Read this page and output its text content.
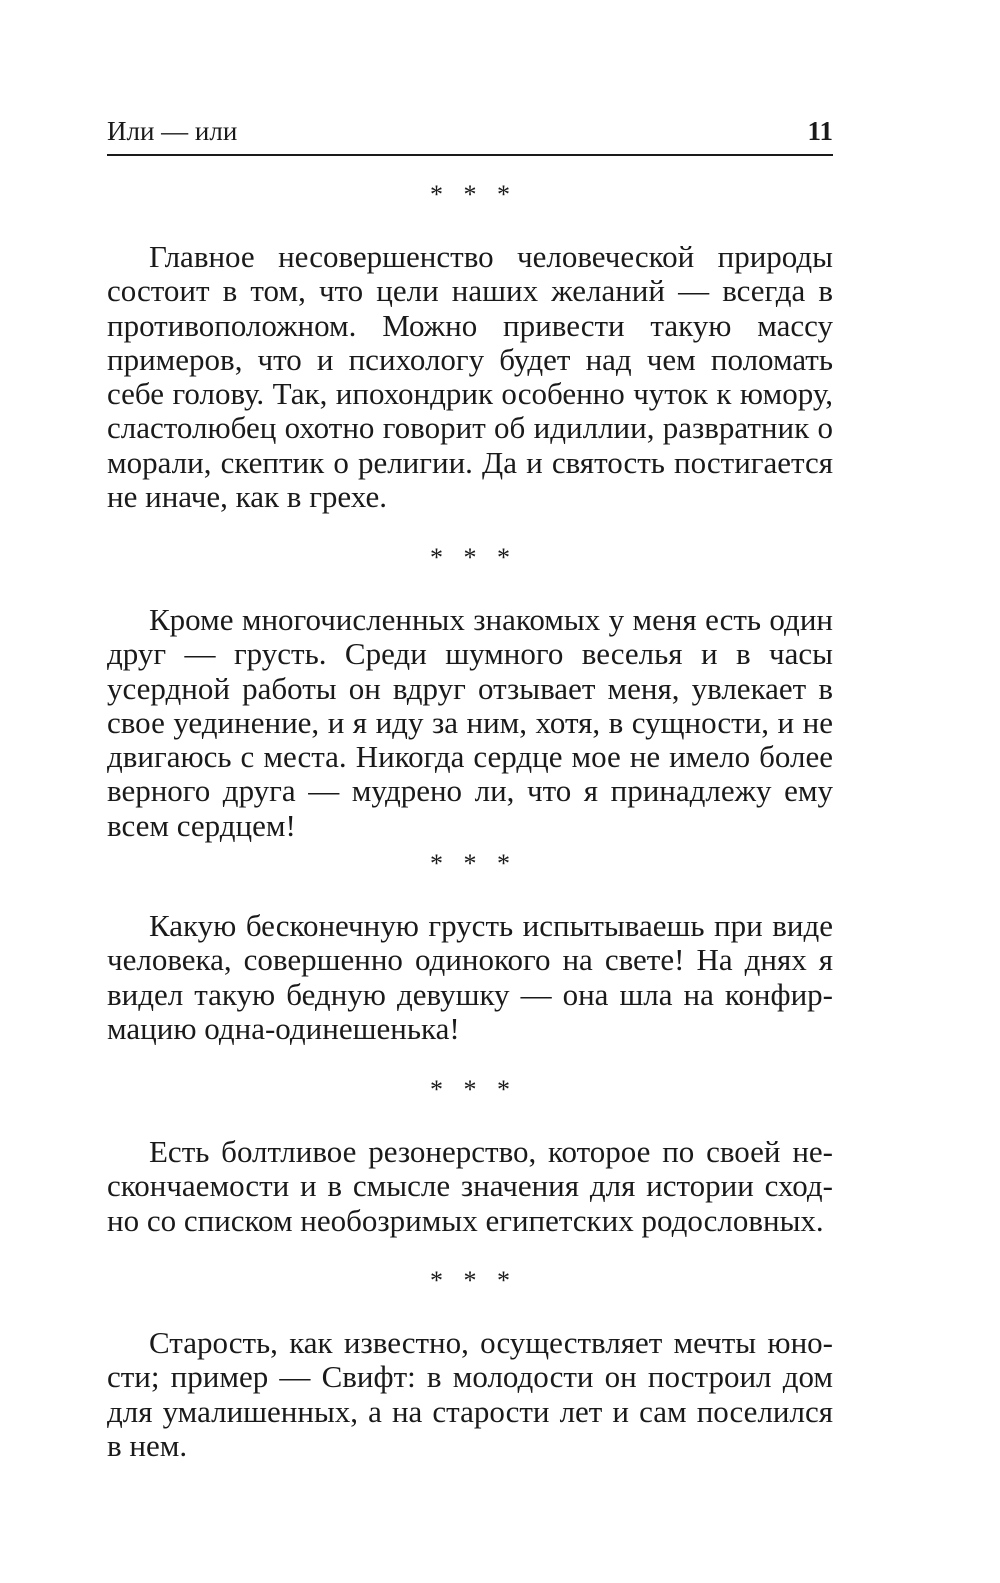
Или — или	11
* * *

Главное несовершенство человеческой природы состоит в том, что цели наших желаний — всегда в противоположном. Можно привести такую массу примеров, что и психологу будет над чем поломать себе голову. Так, ипохондрик особенно чуток к юмору, сластолюбец охотно говорит об идиллии, развратник о морали, скептик о религии. Да и святость постигается не иначе, как в грехе.

* * *

Кроме многочисленных знакомых у меня есть один друг — грусть. Среди шумного веселья и в часы усердной работы он вдруг отзывает меня, увлекает в свое уединение, и я иду за ним, хотя, в сущности, и не двигаюсь с места. Никогда сердце мое не имело более верного друга — мудрено ли, что я принадлежу ему всем сердцем!

* * *

Какую бесконечную грусть испытываешь при виде человека, совершенно одинокого на свете! На днях я видел такую бедную девушку — она шла на конфирмацию одна-одинешенька!

* * *

Есть болтливое резонерство, которое по своей нескончаемости и в смысле значения для истории сходно со списком необозримых египетских родословных.

* * *

Старость, как известно, осуществляет мечты юности; пример — Свифт: в молодости он построил дом для умалишенных, а на старости лет и сам поселился в нем.
